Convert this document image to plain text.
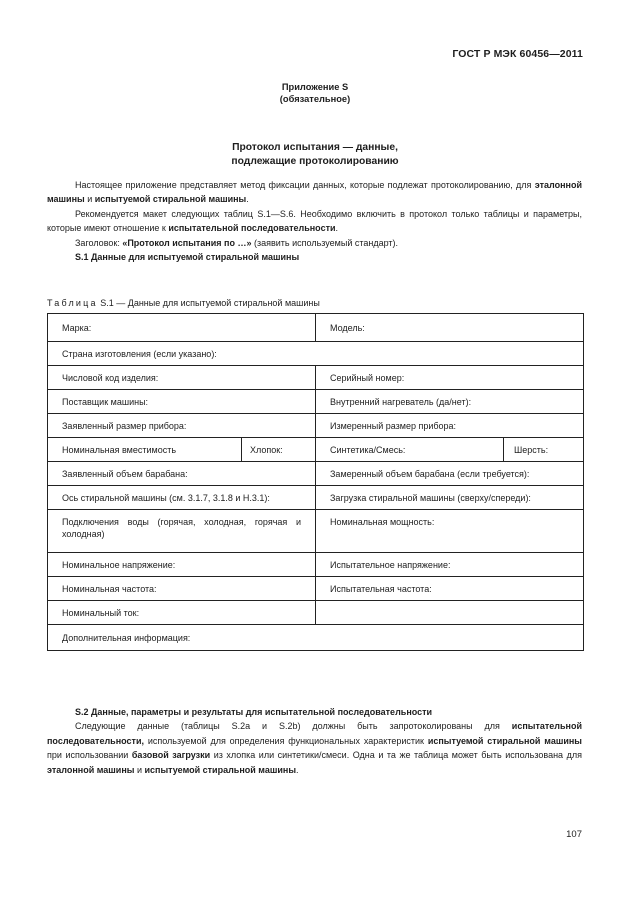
ГОСТ Р МЭК 60456—2011
Приложение S
(обязательное)
Протокол испытания — данные,
подлежащие протоколированию

Настоящее приложение представляет метод фиксации данных, которые подлежат протоколированию, для эталонной машины и испытуемой стиральной машины.

Рекомендуется макет следующих таблиц S.1—S.6. Необходимо включить в протокол только таблицы и параметры, которые имеют отношение к испытательной последовательности.

Заголовок: «Протокол испытания по …» (заявить используемый стандарт).

S.1 Данные для испытуемой стиральной машины

Таблица S.1 — Данные для испытуемой стиральной машины
Марка:		Модель:	
Страна изготовления (если указано):			
Числовой код изделия:		Серийный номер:	
Поставщик машины:		Внутренний нагреватель (да/нет):	
Заявленный размер прибора:		Измеренный размер прибора:	
Номинальная вместимость	Хлопок:	Синтетика/Смесь:	Шерсть:
Заявленный объем барабана:		Замеренный объем барабана (если требуется):	
Ось стиральной машины (см. 3.1.7, 3.1.8 и Н.3.1):		Загрузка стиральной машины (сверху/спереди):	
Подключения воды (горячая, холодная, горячая и холодная)		Номинальная мощность:	
Номинальное напряжение:		Испытательное напряжение:	
Номинальная частота:		Испытательная частота:	
Номинальный ток:			
Дополнительная информация:			

S.2 Данные, параметры и результаты для испытательной последовательности

Следующие данные (таблицы S.2a и S.2b) должны быть запротоколированы для испытательной последовательности, используемой для определения функциональных характеристик испытуемой стиральной машины при использовании базовой загрузки из хлопка или синтетики/смеси. Одна и та же таблица может быть использована для эталонной машины и испытуемой стиральной машины.

107
